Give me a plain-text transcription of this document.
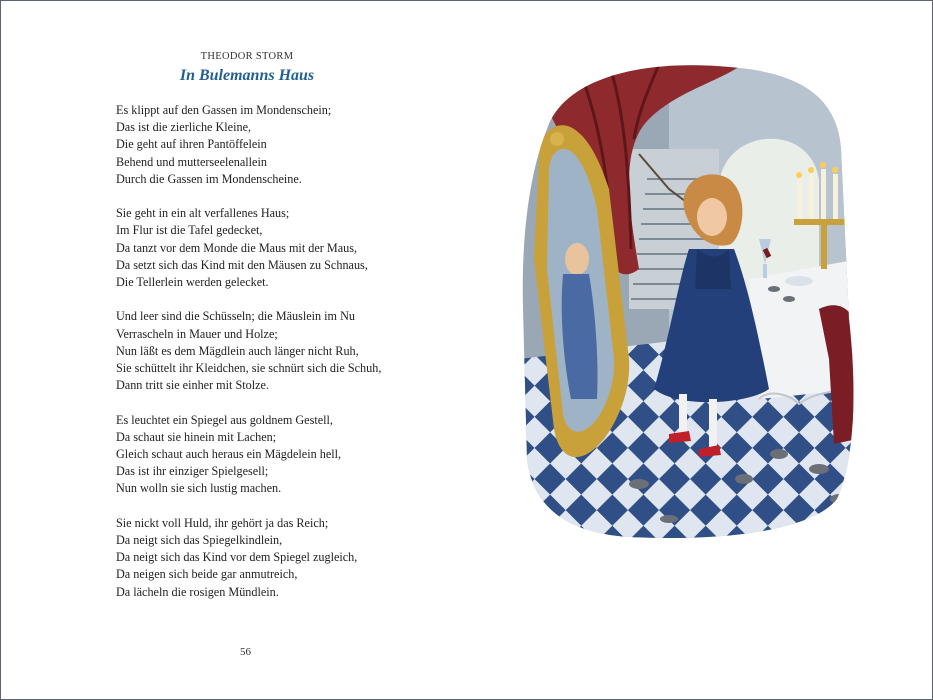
THEODOR STORM
In Bulemanns Haus
Es klippt auf den Gassen im Mondenschein;
Das ist die zierliche Kleine,
Die geht auf ihren Pantöffelein
Behend und mutterseelenallein
Durch die Gassen im Mondenscheine.
Sie geht in ein alt verfallenes Haus;
Im Flur ist die Tafel gedecket,
Da tanzt vor dem Monde die Maus mit der Maus,
Da setzt sich das Kind mit den Mäusen zu Schnaus,
Die Tellerlein werden gelecket.
Und leer sind die Schüsseln; die Mäuslein im Nu
Verrascheln in Mauer und Holze;
Nun läßt es dem Mägdlein auch länger nicht Ruh,
Sie schüttelt ihr Kleidchen, sie schnürt sich die Schuh,
Dann tritt sie einher mit Stolze.
Es leuchtet ein Spiegel aus goldnem Gestell,
Da schaut sie hinein mit Lachen;
Gleich schaut auch heraus ein Mägdelein hell,
Das ist ihr einziger Spielgesell;
Nun wolln sie sich lustig machen.
Sie nickt voll Huld, ihr gehört ja das Reich;
Da neigt sich das Spiegelkindlein,
Da neigt sich das Kind vor dem Spiegel zugleich,
Da neigen sich beide gar anmutreich,
Da lächeln die rosigen Mündlein.
56
